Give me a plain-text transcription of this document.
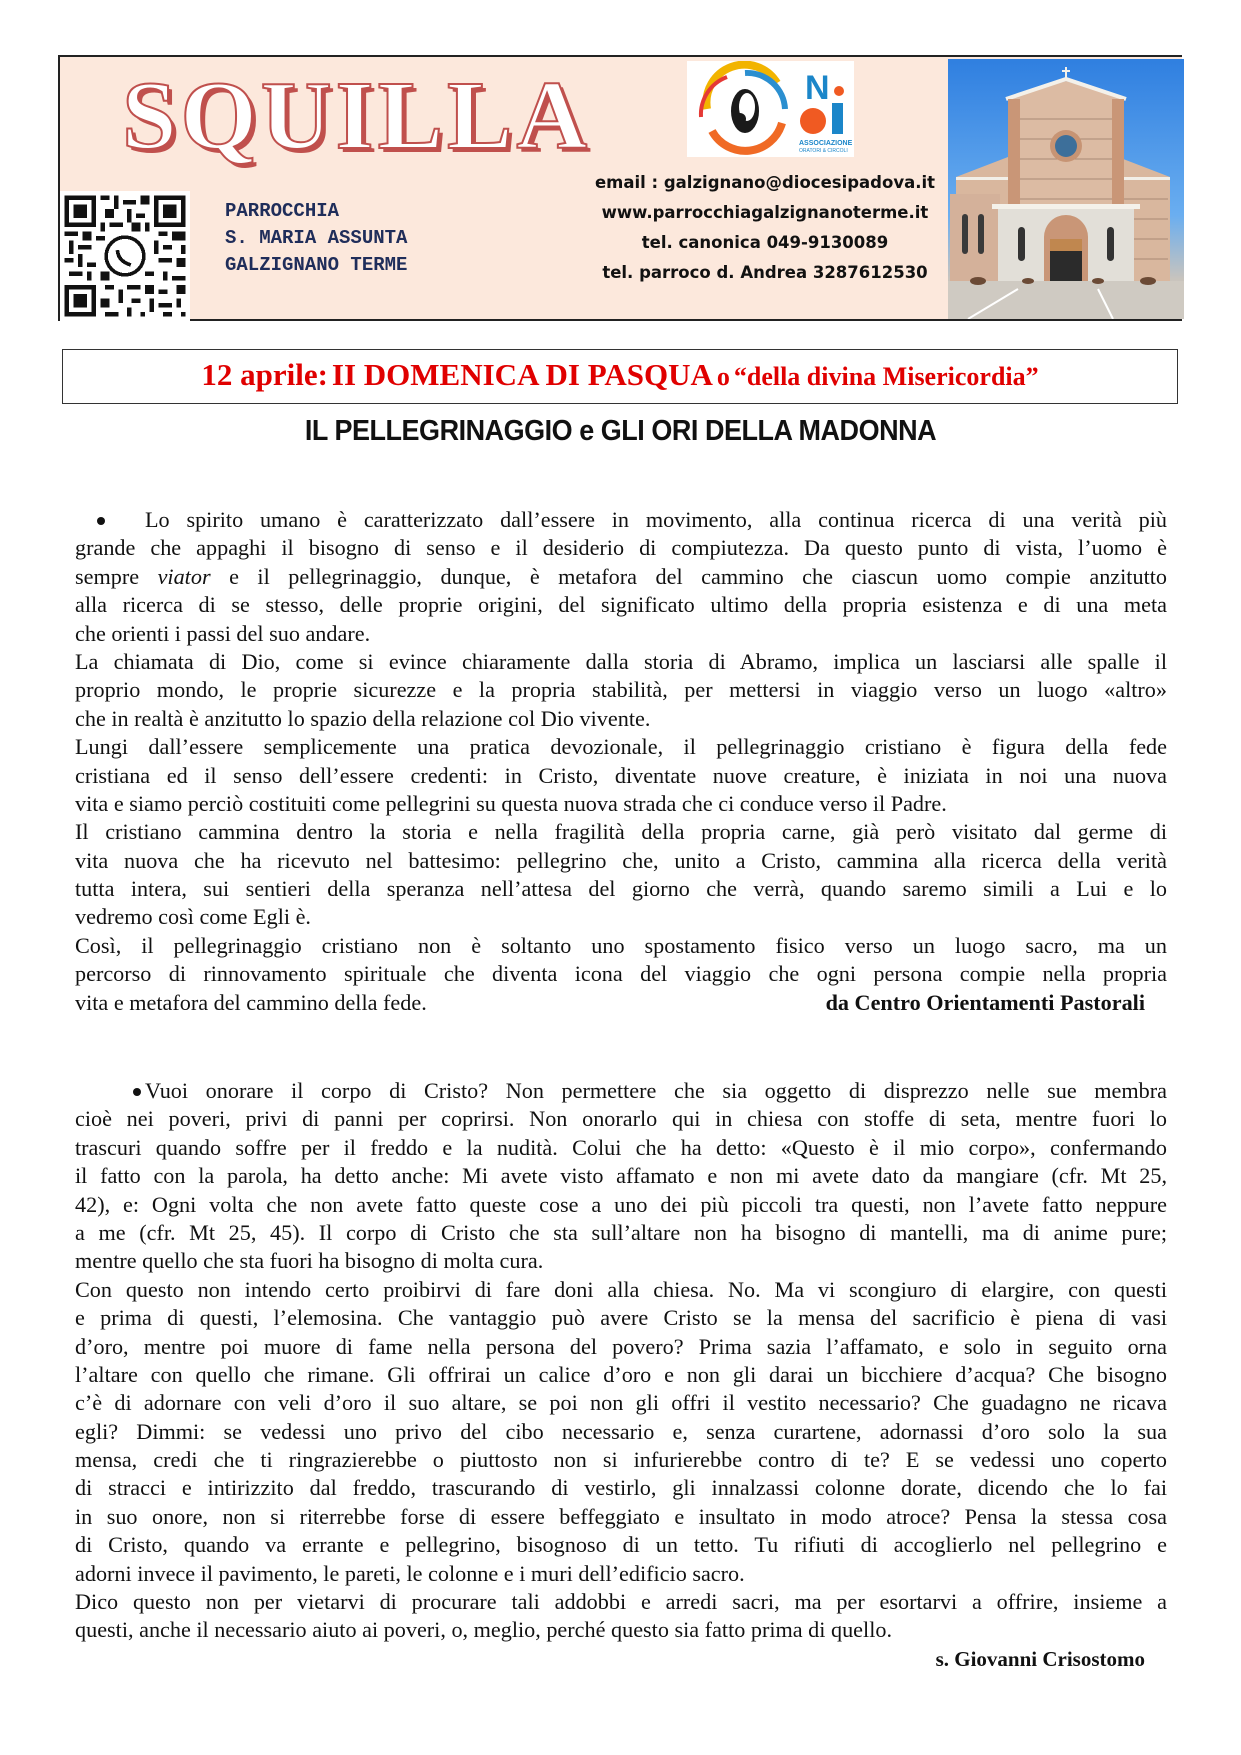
SQUILLA	N
ASSOCIAZIONE
ORATORI & CIRCOLI
PARROCCHIA
S. MARIA ASSUNTA
GALZIGNANO TERME
email : galzignano@diocesipadova.it
www.parrocchiagalzignanoterme.it
tel. canonica 049-9130089
tel. parroco d. Andrea 3287612530
12 aprile: II DOMENICA DI PASQUA o “della divina Misericordia”
IL PELLEGRINAGGIO e GLI ORI DELLA MADONNA
Lo spirito umano è caratterizzato dall’essere in movimento, alla continua ricerca di una verità più
grande che appaghi il bisogno di senso e il desiderio di compiutezza. Da questo punto di vista, l’uomo è
sempre viator e il pellegrinaggio, dunque, è metafora del cammino che ciascun uomo compie anzitutto
alla ricerca di se stesso, delle proprie origini, del significato ultimo della propria esistenza e di una meta
che orienti i passi del suo andare.
La chiamata di Dio, come si evince chiaramente dalla storia di Abramo, implica un lasciarsi alle spalle il
proprio mondo, le proprie sicurezze e la propria stabilità, per mettersi in viaggio verso un luogo «altro»
che in realtà è anzitutto lo spazio della relazione col Dio vivente.
Lungi dall’essere semplicemente una pratica devozionale, il pellegrinaggio cristiano è figura della fede
cristiana ed il senso dell’essere credenti: in Cristo, diventate nuove creature, è iniziata in noi una nuova
vita e siamo perciò costituiti come pellegrini su questa nuova strada che ci conduce verso il Padre.
Il cristiano cammina dentro la storia e nella fragilità della propria carne, già però visitato dal germe di
vita nuova che ha ricevuto nel battesimo: pellegrino che, unito a Cristo, cammina alla ricerca della verità
tutta intera, sui sentieri della speranza nell’attesa del giorno che verrà, quando saremo simili a Lui e lo
vedremo così come Egli è.
Così, il pellegrinaggio cristiano non è soltanto uno spostamento fisico verso un luogo sacro, ma un
percorso di rinnovamento spirituale che diventa icona del viaggio che ogni persona compie nella propria
vita e metafora del cammino della fede.	da Centro Orientamenti Pastorali
Vuoi onorare il corpo di Cristo? Non permettere che sia oggetto di disprezzo nelle sue membra
cioè nei poveri, privi di panni per coprirsi. Non onorarlo qui in chiesa con stoffe di seta, mentre fuori lo
trascuri quando soffre per il freddo e la nudità. Colui che ha detto: «Questo è il mio corpo», confermando
il fatto con la parola, ha detto anche: Mi avete visto affamato e non mi avete dato da mangiare (cfr. Mt 25,
42), e: Ogni volta che non avete fatto queste cose a uno dei più piccoli tra questi, non l’avete fatto neppure
a me (cfr. Mt 25, 45). Il corpo di Cristo che sta sull’altare non ha bisogno di mantelli, ma di anime pure;
mentre quello che sta fuori ha bisogno di molta cura.
Con questo non intendo certo proibirvi di fare doni alla chiesa. No. Ma vi scongiuro di elargire, con questi
e prima di questi, l’elemosina. Che vantaggio può avere Cristo se la mensa del sacrificio è piena di vasi
d’oro, mentre poi muore di fame nella persona del povero? Prima sazia l’affamato, e solo in seguito orna
l’altare con quello che rimane. Gli offrirai un calice d’oro e non gli darai un bicchiere d’acqua? Che bisogno
c’è di adornare con veli d’oro il suo altare, se poi non gli offri il vestito necessario? Che guadagno ne ricava
egli? Dimmi: se vedessi uno privo del cibo necessario e, senza curartene, adornassi d’oro solo la sua
mensa, credi che ti ringrazierebbe o piuttosto non si infurierebbe contro di te? E se vedessi uno coperto
di stracci e intirizzito dal freddo, trascurando di vestirlo, gli innalzassi colonne dorate, dicendo che lo fai
in suo onore, non si riterrebbe forse di essere beffeggiato e insultato in modo atroce? Pensa la stessa cosa
di Cristo, quando va errante e pellegrino, bisognoso di un tetto. Tu rifiuti di accoglierlo nel pellegrino e
adorni invece il pavimento, le pareti, le colonne e i muri dell’edificio sacro.
Dico questo non per vietarvi di procurare tali addobbi e arredi sacri, ma per esortarvi a offrire, insieme a
questi, anche il necessario aiuto ai poveri, o, meglio, perché questo sia fatto prima di quello.
s. Giovanni Crisostomo
